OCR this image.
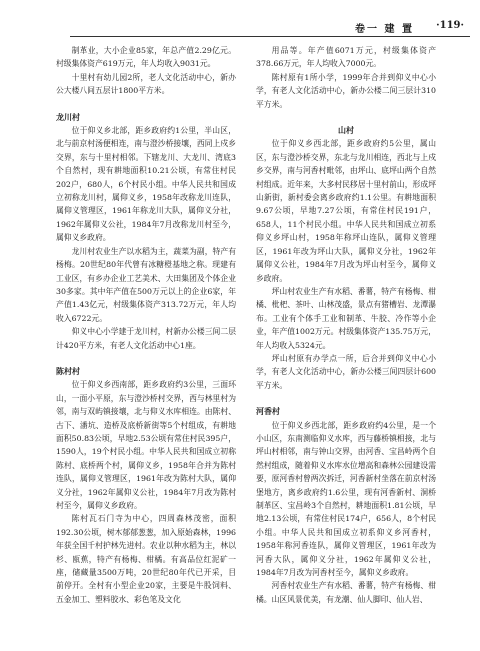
卷一 建 置 ·119·

制革业，大小企业85家，年总产值2.29亿元。村级集体资产619万元，年人均收入9031元。

十里村有幼儿园2所，老人文化活动中心，新办公大楼八间五层计1800平方米。

龙川村

位于仰义乡北部，距乡政府约1公里，半山区，北与前京村汤便相连，南与澄沙桥接壤，西同上戍乡交界，东与十里村相邻。下辖龙川、大龙川、湾底3个自然村，现有耕地面积10.21公顷，有常住村民202户，680人，6个村民小组。中华人民共和国成立初称龙川村，属仰义乡，1958年改称龙川连队，属仰义管理区，1961年称龙川大队，属仰义分社，1962年属仰义公社，1984年7月改称龙川村至今，属仰义乡政府。

龙川村农业生产以水稻为主，蔬菜为副，特产有杨梅。20世纪80年代曾有冰糖橙基地之称。现建有工业区，有乡办企业工艺美术、大田集团及个体企业30多家。其中年产值在500万元以上的企业6家，年产值1.43亿元，村级集体资产313.72万元，年人均收入6722元。

仰义中心小学建于龙川村，村新办公楼三间二层计420平方米，有老人文化活动中心1座。

陈村村

位于仰义乡西南部，距乡政府约3公里，三面环山，一面小平原，东与澄沙桥村交界，西与林里村为邻，南与双屿镇接壤，北与仰义水库相连。由陈村、古下、潘坑、造桥及底桥新街等5个村组成，有耕地面积50.83公顷，早地2.53公顷有常住村民395户，1590人，19个村民小组。中华人民共和国成立初称陈村、底桥两个村，属仰义乡，1958年合并为陈村连队，属仰义管理区，1961年改为陈村大队，属仰义分社，1962年属仰义公社，1984年7月改为陈村村至今，属仰义乡政府。

陈村瓦石门寺为中心，四周森林茂密，面积192.30公顷，树木郁郁葱葱，加入原始森林，1996年获全国千村护林先进村。农业以种水稻为主，林以杉、瓯蕉，特产有杨梅、柑橘。有高品位红泥矿一座，储藏量3500万吨，20世纪80年代已开采，目前停开。全村有小型企业20家，主要是牛股饲料、五金加工、塑料胶水、彩色笔及文化

用品等。年产值6071万元，村级集体资产378.66万元，年人均收入7000元。

陈村原有1所小学，1999年合并到仰义中心小学，有老人文化活动中心，新办公楼二间三层计310平方米。

山村

位于仰义乡西北部，距乡政府约5公里，属山区，东与澄沙桥交界，东北与龙川相连，西北与上戍乡交界，南与河香村毗邻，由坪山、底坪山两个自然村组成。近年来，大多村民移居十里村前山，形成坪山新街，新村委会离乡政府约1.1公里。有耕地面积9.67公顷，早地7.27公顷，有常住村民191户，658人，11个村民小组。中华人民共和国成立初系仰义乡坪山村，1958年称坪山连队，属仰义管理区，1961年改为坪山大队，属仰义分社，1962年属仰义公社，1984年7月改为坪山村至今，属仰义乡政府。

坪山村农业生产有水稻、番薯，特产有杨梅、柑橘、枇杷、茶叶、山林茂盛，景点有猪槽岩、龙潭瀑布。工业有个体手工业和制革、牛胶、冷作等小企业，年产值1002万元。村级集体资产135.75万元，年人均收入5324元。

坪山村原有办学点一所，后合并到仰义中心小学，有老人文化活动中心，新办公楼三间四层计600平方米。

河香村

位于仰义乡西北部，距乡政府约4公里，是一个小山区，东南测临仰义水库，西与藤桥镇相接，北与坪山村相邻，南与钟山交界，由河香、宝昌岭两个自然村组成，随着仰义水库水位增高和森林公园建设需要，原河香村曾两次拆迁，河香新村坐落在前京村汤堡地方，离乡政府约1.6公里，现有河香新村、洞桥制革区、宝昌岭3个自然村，耕地面积1.81公顷，早地2.13公顷，有常住村民174户，656人，8个村民小组。中华人民共和国成立初系仰义乡河香村，1958年称河香连队，属仰义管理区，1961年改为河香大队，属仰义分社，1962年属仰义公社，1984年7月改为河香村至今，属仰义乡政府。

河香村农业生产有水稻、番薯，特产有杨梅、柑橘。山区风景优美，有龙潮、仙人脚印、仙人岩、
